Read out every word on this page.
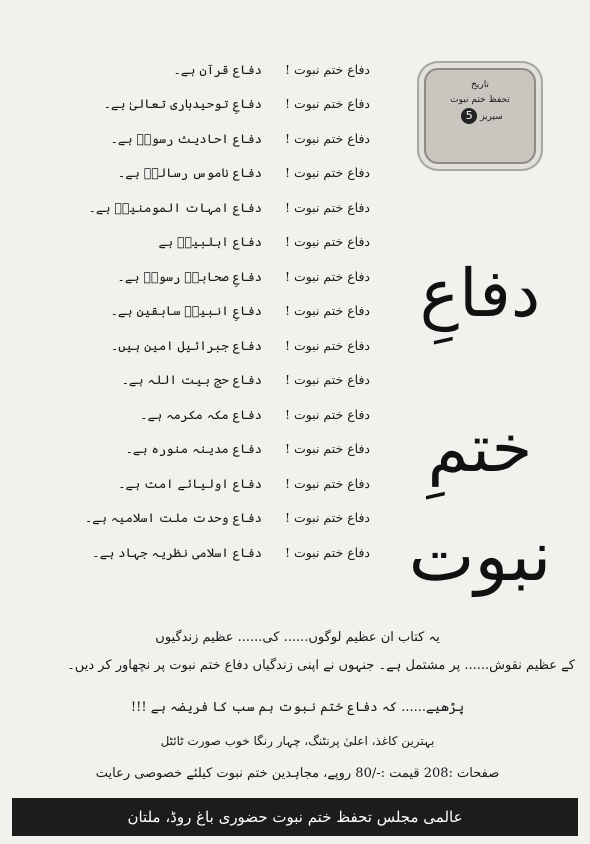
دفاع ختم نبوت !
دفاع قرآن ہے۔
دفاع ختم نبوت !
دفاعِ توحیدباری تعالیٰ ہے۔
دفاع ختم نبوت !
دفاع احادیث رسولؐ ہے۔
دفاع ختم نبوت !
دفاع ناموس رسالتؐ ہے۔
دفاع ختم نبوت !
دفاع امہات المومنینؓ ہے۔
دفاع ختم نبوت !
دفاع اہلبیتؓ ہے
دفاع ختم نبوت !
دفاعِ صحابہؓ رسولؐ ہے۔
دفاع ختم نبوت !
دفاعِ انبیاؑ سابقین ہے۔
دفاع ختم نبوت !
دفاع جبرائیل امین ہیں۔
دفاع ختم نبوت !
دفاع حج بیت اللہ ہے۔
دفاع ختم نبوت !
دفاع مکہ مکرمہ ہے۔
دفاع ختم نبوت !
دفاع مدینہ منورہ ہے۔
دفاع ختم نبوت !
دفاع اولیائے امت ہے۔
دفاع ختم نبوت !
دفاع وحدت ملت اسلامیہ ہے۔
دفاع ختم نبوت !
دفاع اسلامی نظریہ جہاد ہے۔
تاریخ
تحفظ ختم نبوت
سیریز 5
دفاعِ
ختمِ
نبوت
یہ کتاب ان عظیم لوگوں...... کی...... عظیم زندگیوں
کے عظیم نقوش...... پر مشتمل ہے۔ جنہوں نے اپنی زندگیاں دفاع ختم نبوت پر نچھاور کر دیں۔
پڑھیے...... کہ دفاع ختم نبوت ہم سب کا فریضہ ہے !!!
بہترین کاغذ، اعلیٰ پرنٹنگ، چہار رنگا خوب صورت ٹائٹل
صفحات :208 قیمت :-/80 روپے، مجاہدین ختم نبوت کیلئے خصوصی رعایت
عالمی مجلس تحفظ ختم نبوت حضوری باغ روڈ، ملتان
